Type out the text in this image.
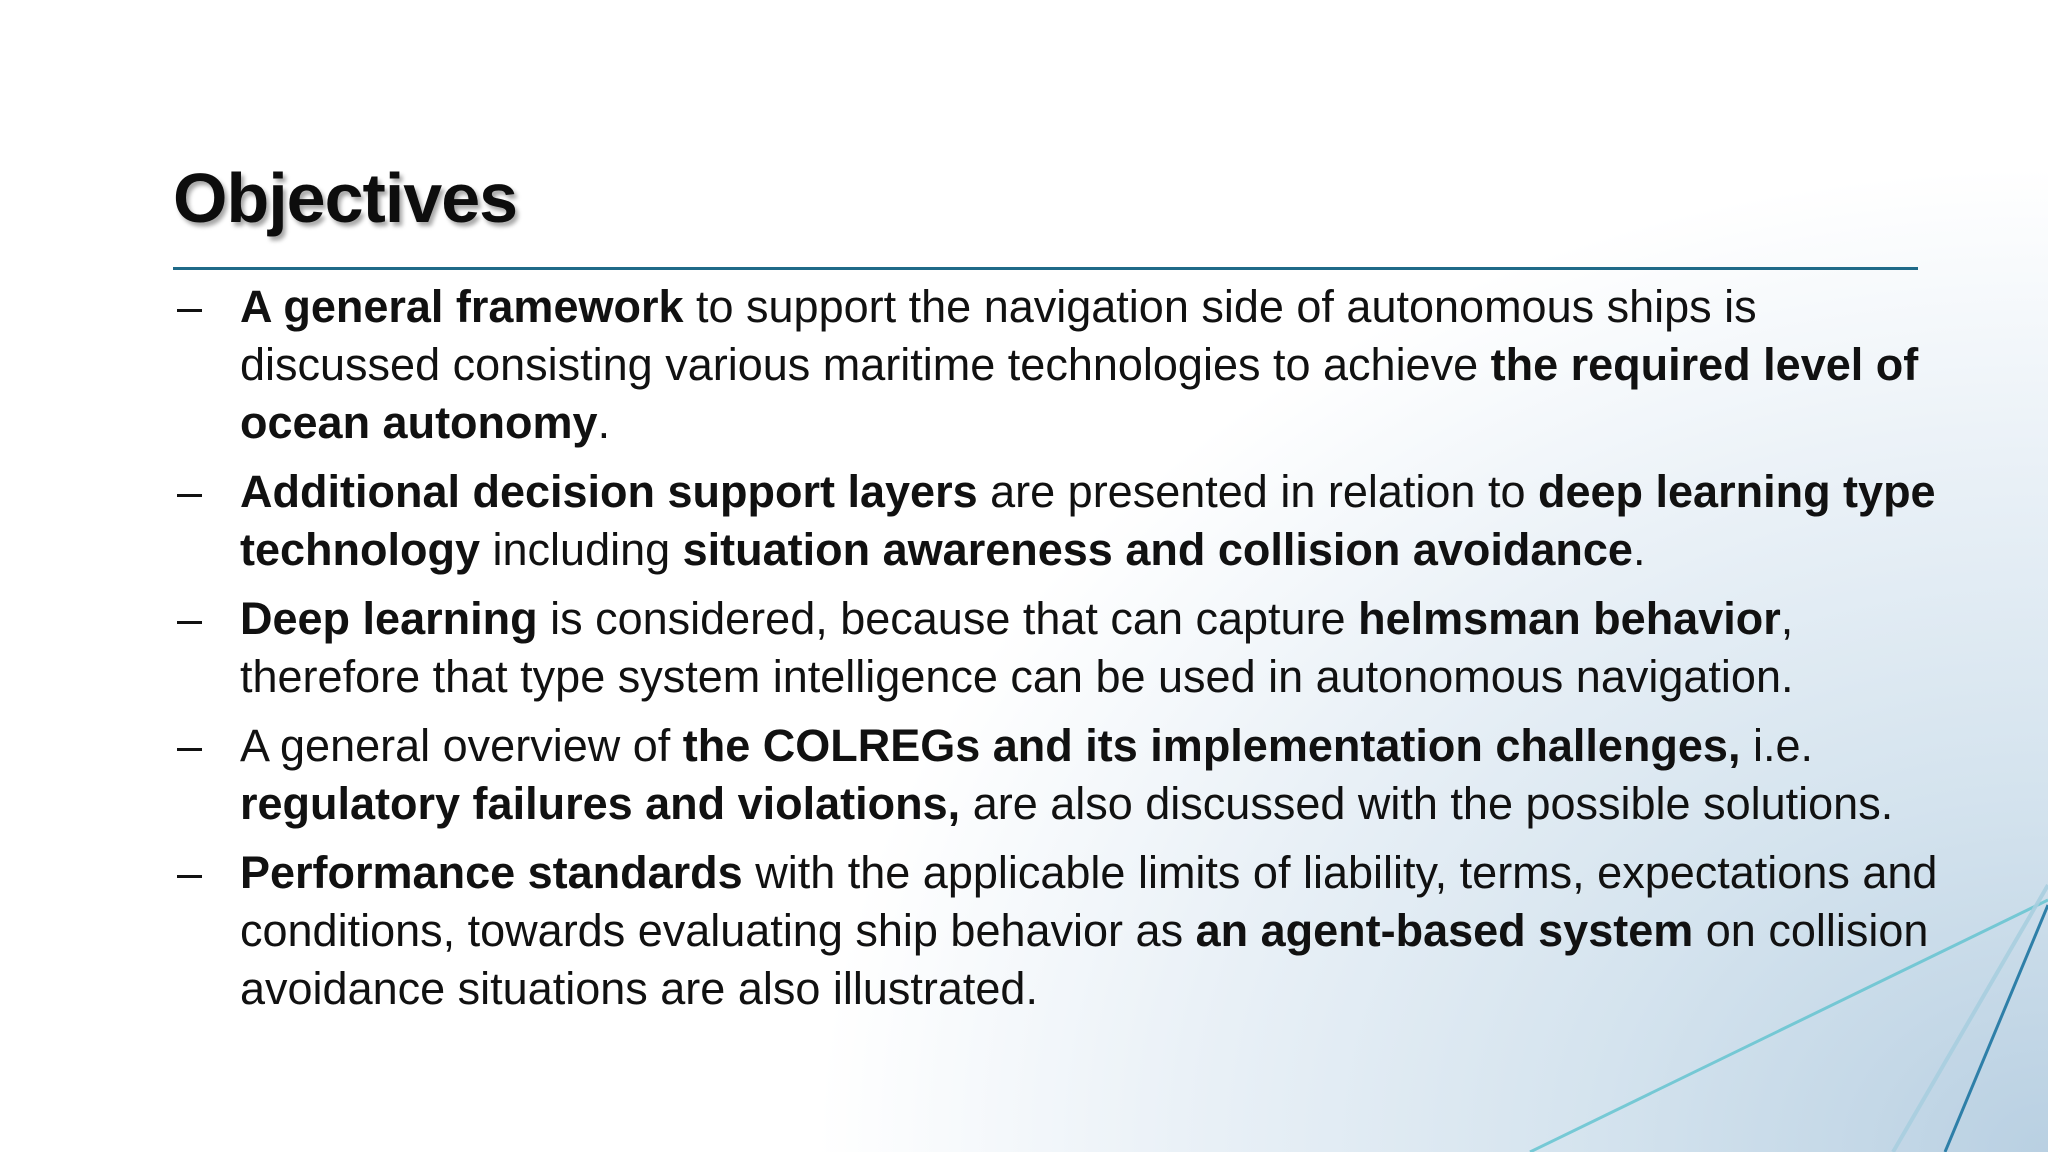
Objectives
– A general framework to support the navigation side of autonomous ships is discussed consisting various maritime technologies to achieve the required level of ocean autonomy.
– Additional decision support layers are presented in relation to deep learning type technology including situation awareness and collision avoidance.
– Deep learning is considered, because that can capture helmsman behavior, therefore that type system intelligence can be used in autonomous navigation.
– A general overview of the COLREGs and its implementation challenges, i.e. regulatory failures and violations, are also discussed with the possible solutions.
– Performance standards with the applicable limits of liability, terms, expectations and conditions, towards evaluating ship behavior as an agent-based system on collision avoidance situations are also illustrated.
